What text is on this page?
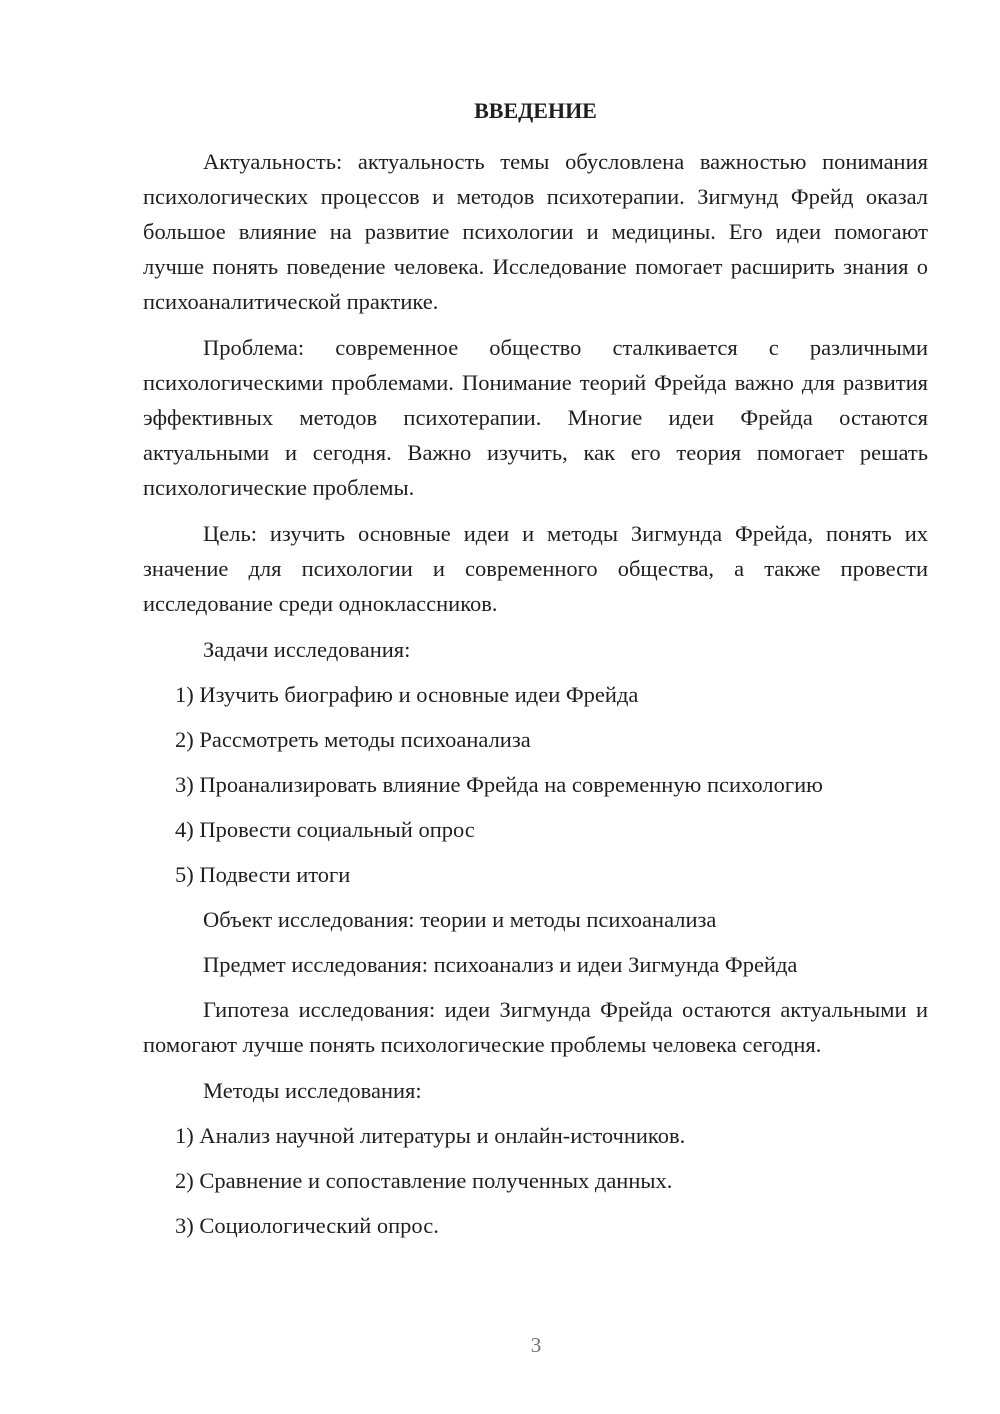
ВВЕДЕНИЕ

Актуальность: актуальность темы обусловлена важностью понимания психологических процессов и методов психотерапии. Зигмунд Фрейд оказал большое влияние на развитие психологии и медицины. Его идеи помогают лучше понять поведение человека. Исследование помогает расширить знания о психоаналитической практике.

Проблема: современное общество сталкивается с различными психологическими проблемами. Понимание теорий Фрейда важно для развития эффективных методов психотерапии. Многие идеи Фрейда остаются актуальными и сегодня. Важно изучить, как его теория помогает решать психологические проблемы.

Цель: изучить основные идеи и методы Зигмунда Фрейда, понять их значение для психологии и современного общества, а также провести исследование среди одноклассников.

Задачи исследования:

1) Изучить биографию и основные идеи Фрейда
2) Рассмотреть методы психоанализа
3) Проанализировать влияние Фрейда на современную психологию
4) Провести социальный опрос
5) Подвести итоги

Объект исследования: теории и методы психоанализа

Предмет исследования: психоанализ и идеи Зигмунда Фрейда

Гипотеза исследования: идеи Зигмунда Фрейда остаются актуальными и помогают лучше понять психологические проблемы человека сегодня.

Методы исследования:

1) Анализ научной литературы и онлайн-источников.
2) Сравнение и сопоставление полученных данных.
3) Социологический опрос.
3
